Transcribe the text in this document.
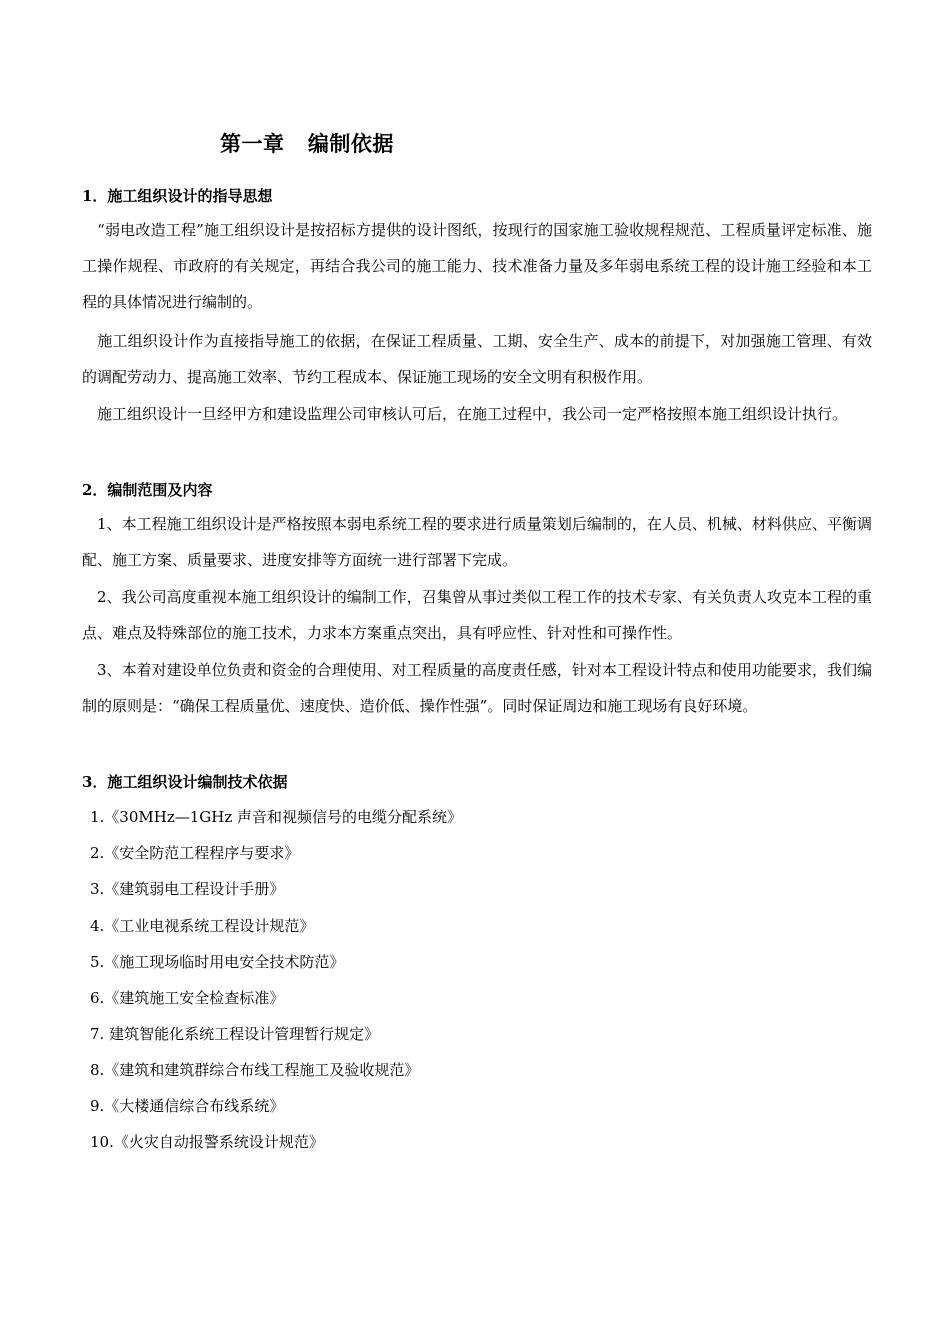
第一章   编制依据
1．施工组织设计的指导思想

　“弱电改造工程”施工组织设计是按招标方提供的设计图纸，按现行的国家施工验收规程规范、工程质量评定标准、施工操作规程、市政府的有关规定，再结合我公司的施工能力、技术准备力量及多年弱电系统工程的设计施工经验和本工程的具体情况进行编制的。

　施工组织设计作为直接指导施工的依据，在保证工程质量、工期、安全生产、成本的前提下，对加强施工管理、有效的调配劳动力、提高施工效率、节约工程成本、保证施工现场的安全文明有积极作用。

　施工组织设计一旦经甲方和建设监理公司审核认可后，在施工过程中，我公司一定严格按照本施工组织设计执行。

2．编制范围及内容

　1、本工程施工组织设计是严格按照本弱电系统工程的要求进行质量策划后编制的，在人员、机械、材料供应、平衡调配、施工方案、质量要求、进度安排等方面统一进行部署下完成。

　2、我公司高度重视本施工组织设计的编制工作，召集曾从事过类似工程工作的技术专家、有关负责人攻克本工程的重点、难点及特殊部位的施工技术，力求本方案重点突出，具有呼应性、针对性和可操作性。

　3、本着对建设单位负责和资金的合理使用、对工程质量的高度责任感，针对本工程设计特点和使用功能要求，我们编制的原则是：“确保工程质量优、速度快、造价低、操作性强”。同时保证周边和施工现场有良好环境。

3．施工组织设计编制技术依据
1.《30MHz—1GHz 声音和视频信号的电缆分配系统》
2.《安全防范工程程序与要求》
3.《建筑弱电工程设计手册》
4.《工业电视系统工程设计规范》
5.《施工现场临时用电安全技术防范》
6.《建筑施工安全检查标准》
7. 建筑智能化系统工程设计管理暂行规定》
8.《建筑和建筑群综合布线工程施工及验收规范》
9.《大楼通信综合布线系统》
10.《火灾自动报警系统设计规范》
